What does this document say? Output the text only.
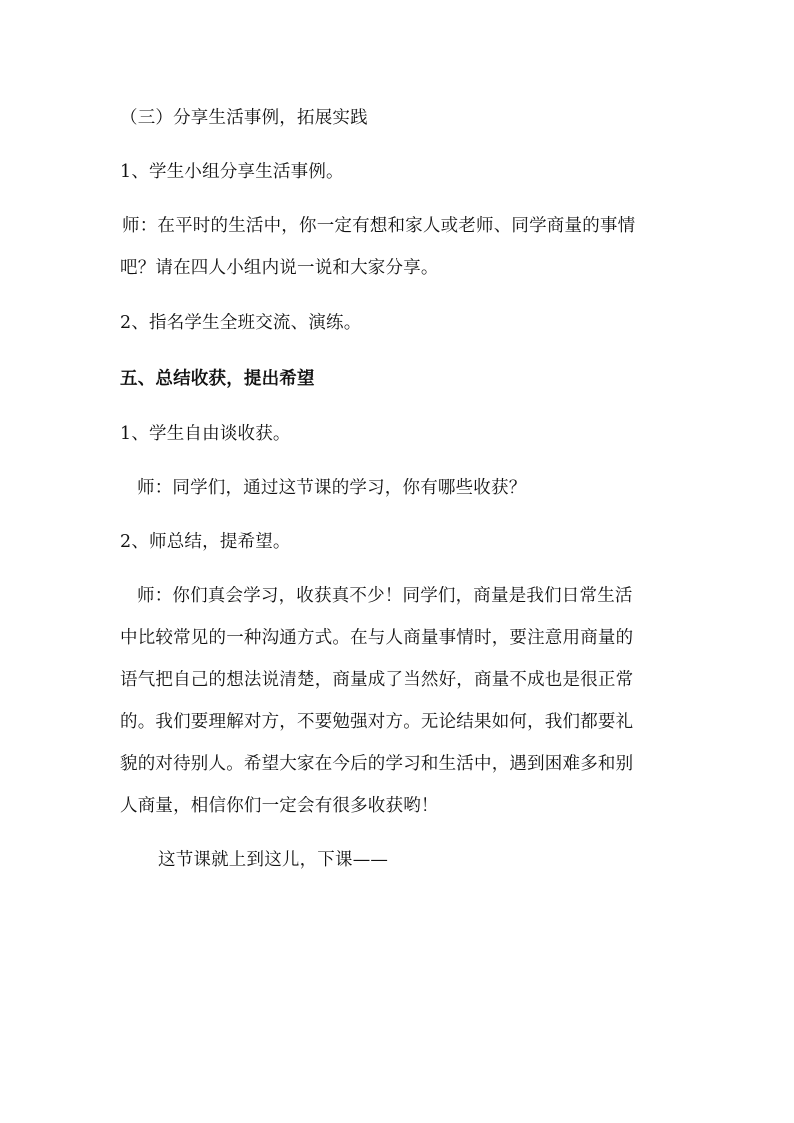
（三）分享生活事例，拓展实践
1、学生小组分享生活事例。
师：在平时的生活中，你一定有想和家人或老师、同学商量的事情
吧？请在四人小组内说一说和大家分享。
2、指名学生全班交流、演练。
五、总结收获，提出希望
1、学生自由谈收获。
师：同学们，通过这节课的学习，你有哪些收获？
2、师总结，提希望。
师：你们真会学习，收获真不少！同学们，商量是我们日常生活
中比较常见的一种沟通方式。在与人商量事情时，要注意用商量的
语气把自己的想法说清楚，商量成了当然好，商量不成也是很正常
的。我们要理解对方，不要勉强对方。无论结果如何，我们都要礼
貌的对待别人。希望大家在今后的学习和生活中，遇到困难多和别
人商量，相信你们一定会有很多收获哟！
这节课就上到这儿，下课——
